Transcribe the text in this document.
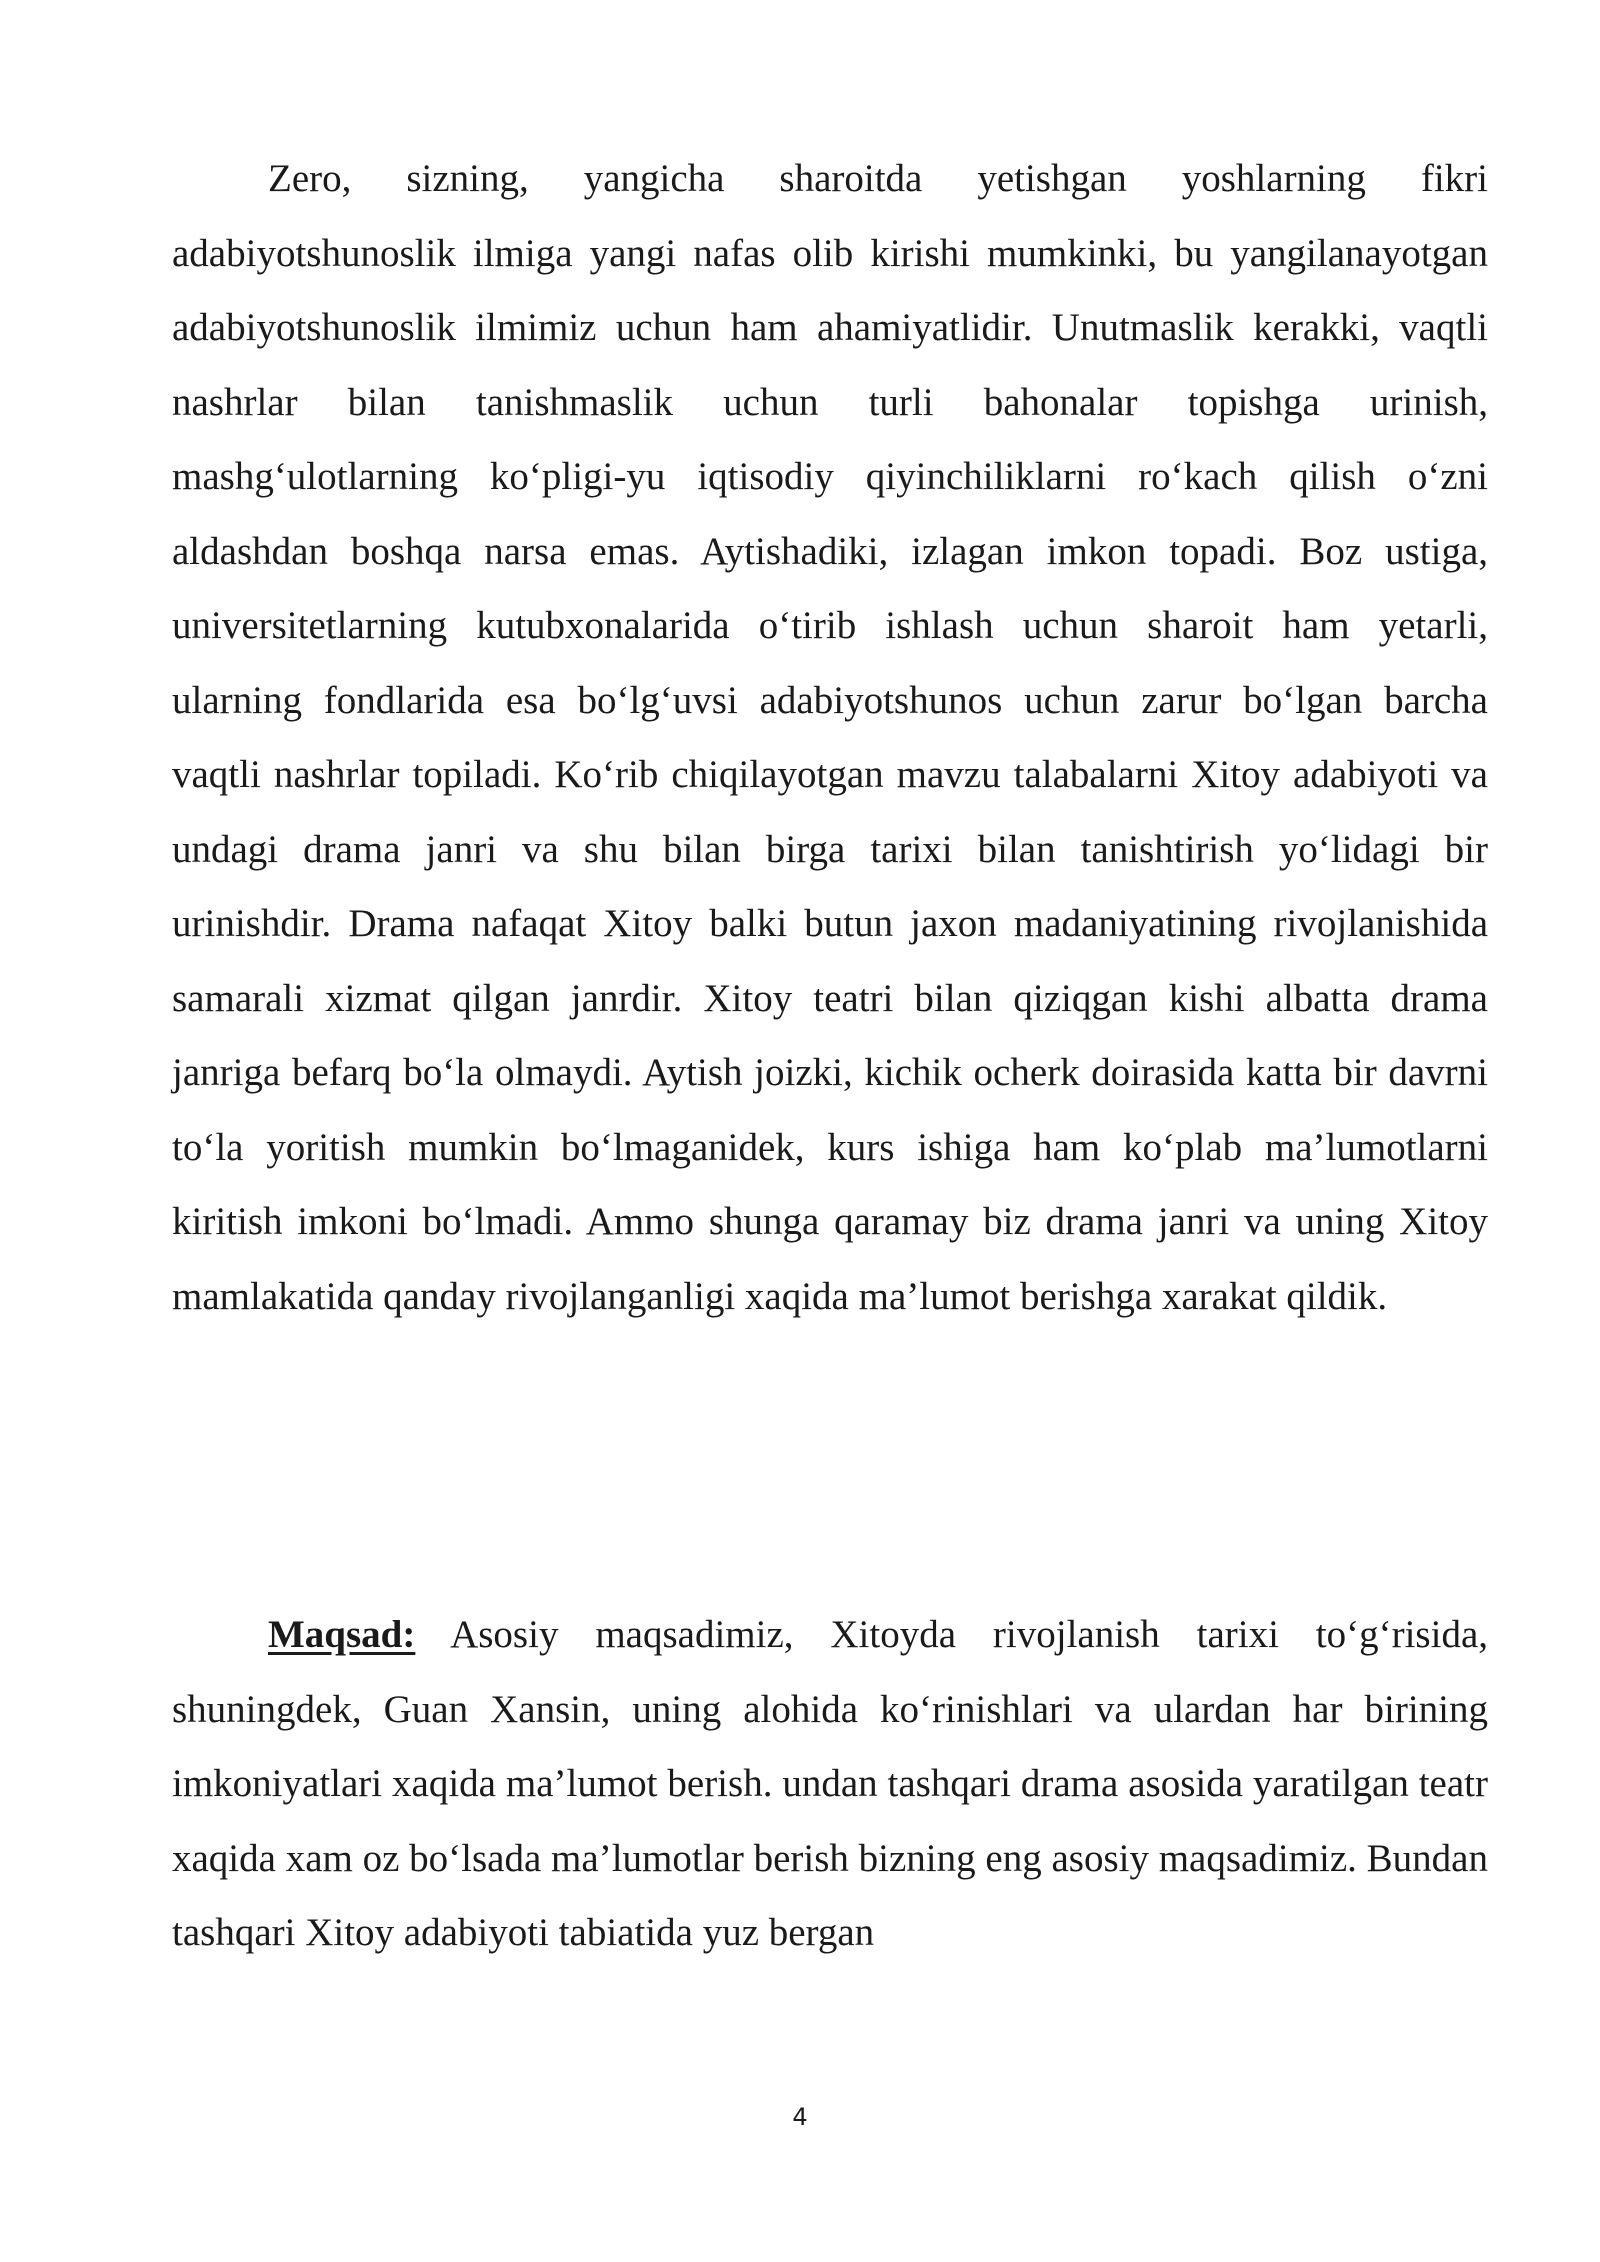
Zero, sizning, yangicha sharoitda yetishgan yoshlarning fikri adabiyotshunoslik ilmiga yangi nafas olib kirishi mumkinki, bu yangilanayotgan adabiyotshunoslik ilmimiz uchun ham ahamiyatlidir. Unutmaslik kerakki, vaqtli nashrlar bilan tanishmaslik uchun turli bahonalar topishga urinish, mashg‘ulotlarning ko‘pligi-yu iqtisodiy qiyinchiliklarni ro‘kach qilish o‘zni aldashdan boshqa narsa emas. Aytishadiki, izlagan imkon topadi. Boz ustiga, universitetlarning kutubxonalarida o‘tirib ishlash uchun sharoit ham yetarli, ularning fondlarida esa bo‘lg‘uvsi adabiyotshunos uchun zarur bo‘lgan barcha vaqtli nashrlar topiladi. Ko‘rib chiqilayotgan mavzu talabalarni Xitoy adabiyoti va undagi drama janri va shu bilan birga tarixi bilan tanishtirish yo‘lidagi bir urinishdir. Drama nafaqat Xitoy balki butun jaxon madaniyatining rivojlanishida samarali xizmat qilgan janrdir. Xitoy teatri bilan qiziqgan kishi albatta drama janriga befarq bo‘la olmaydi. Aytish joizki, kichik ocherk doirasida katta bir davrni to‘la yoritish mumkin bo‘lmaganidek, kurs ishiga ham ko‘plab ma’lumotlarni kiritish imkoni bo‘lmadi. Ammo shunga qaramay biz drama janri va uning Xitoy mamlakatida qanday rivojlanganligi xaqida ma’lumot berishga xarakat qildik.

Maqsad: Asosiy maqsadimiz, Xitoyda rivojlanish tarixi to‘g‘risida, shuningdek, Guan Xansin, uning alohida ko‘rinishlari va ulardan har birining imkoniyatlari xaqida ma’lumot berish. undan tashqari drama asosida yaratilgan teatr xaqida xam oz bo‘lsada ma’lumotlar berish bizning eng asosiy maqsadimiz. Bundan tashqari Xitoy adabiyoti tabiatida yuz bergan

4
